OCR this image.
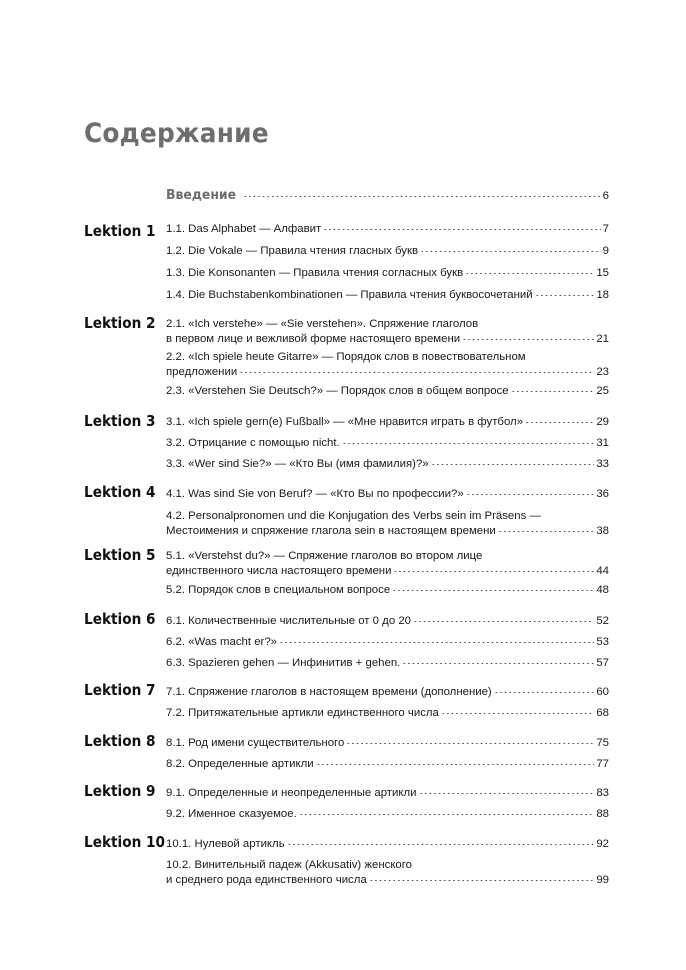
Содержание
Введение	6
Lektion 1 1.1. Das Alphabet — Алфавит	7
1.2. Die Vokale — Правила чтения гласных букв	9
1.3. Die Konsonanten — Правила чтения согласных букв	15
1.4. Die Buchstabenkombinationen — Правила чтения буквосочетаний	18
Lektion 2 2.1. «Ich verstehe» — «Sie verstehen». Спряжение глаголов
в первом лице и вежливой форме настоящего времени	21
2.2. «Ich spiele heute Gitarre» — Порядок слов в повествовательном
предложении	23
2.3. «Verstehen Sie Deutsch?» — Порядок слов в общем вопросе	25
Lektion 3 3.1. «Ich spiele gern(e) Fußball» — «Мне нравится играть в футбол»	29
3.2. Отрицание с помощью nicht.	31
3.3. «Wer sind Sie?» — «Кто Вы (имя фамилия)?»	33
Lektion 4 4.1. Was sind Sie von Beruf? — «Кто Вы по профессии?»	36
4.2. Personalpronomen und die Konjugation des Verbs sein im Präsens —
Местоимения и спряжение глагола sein в настоящем времени	38
Lektion 5 5.1. «Verstehst du?» — Спряжение глаголов во втором лице
единственного числа настоящего времени	44
5.2. Порядок слов в специальном вопросе	48
Lektion 6 6.1. Количественные числительные от 0 до 20	52
6.2. «Was macht er?»	53
6.3. Spazieren gehen — Инфинитив + gehen.	57
Lektion 7 7.1. Спряжение глаголов в настоящем времени (дополнение)	60
7.2. Притяжательные артикли единственного числа	68
Lektion 8 8.1. Род имени существительного	75
8.2. Определенные артикли	77
Lektion 9 9.1. Определенные и неопределенные артикли	83
9.2. Именное сказуемое.	88
Lektion 10 10.1. Нулевой артикль	92
10.2. Винительный падеж (Akkusativ) женского
и среднего рода единственного числа	99
